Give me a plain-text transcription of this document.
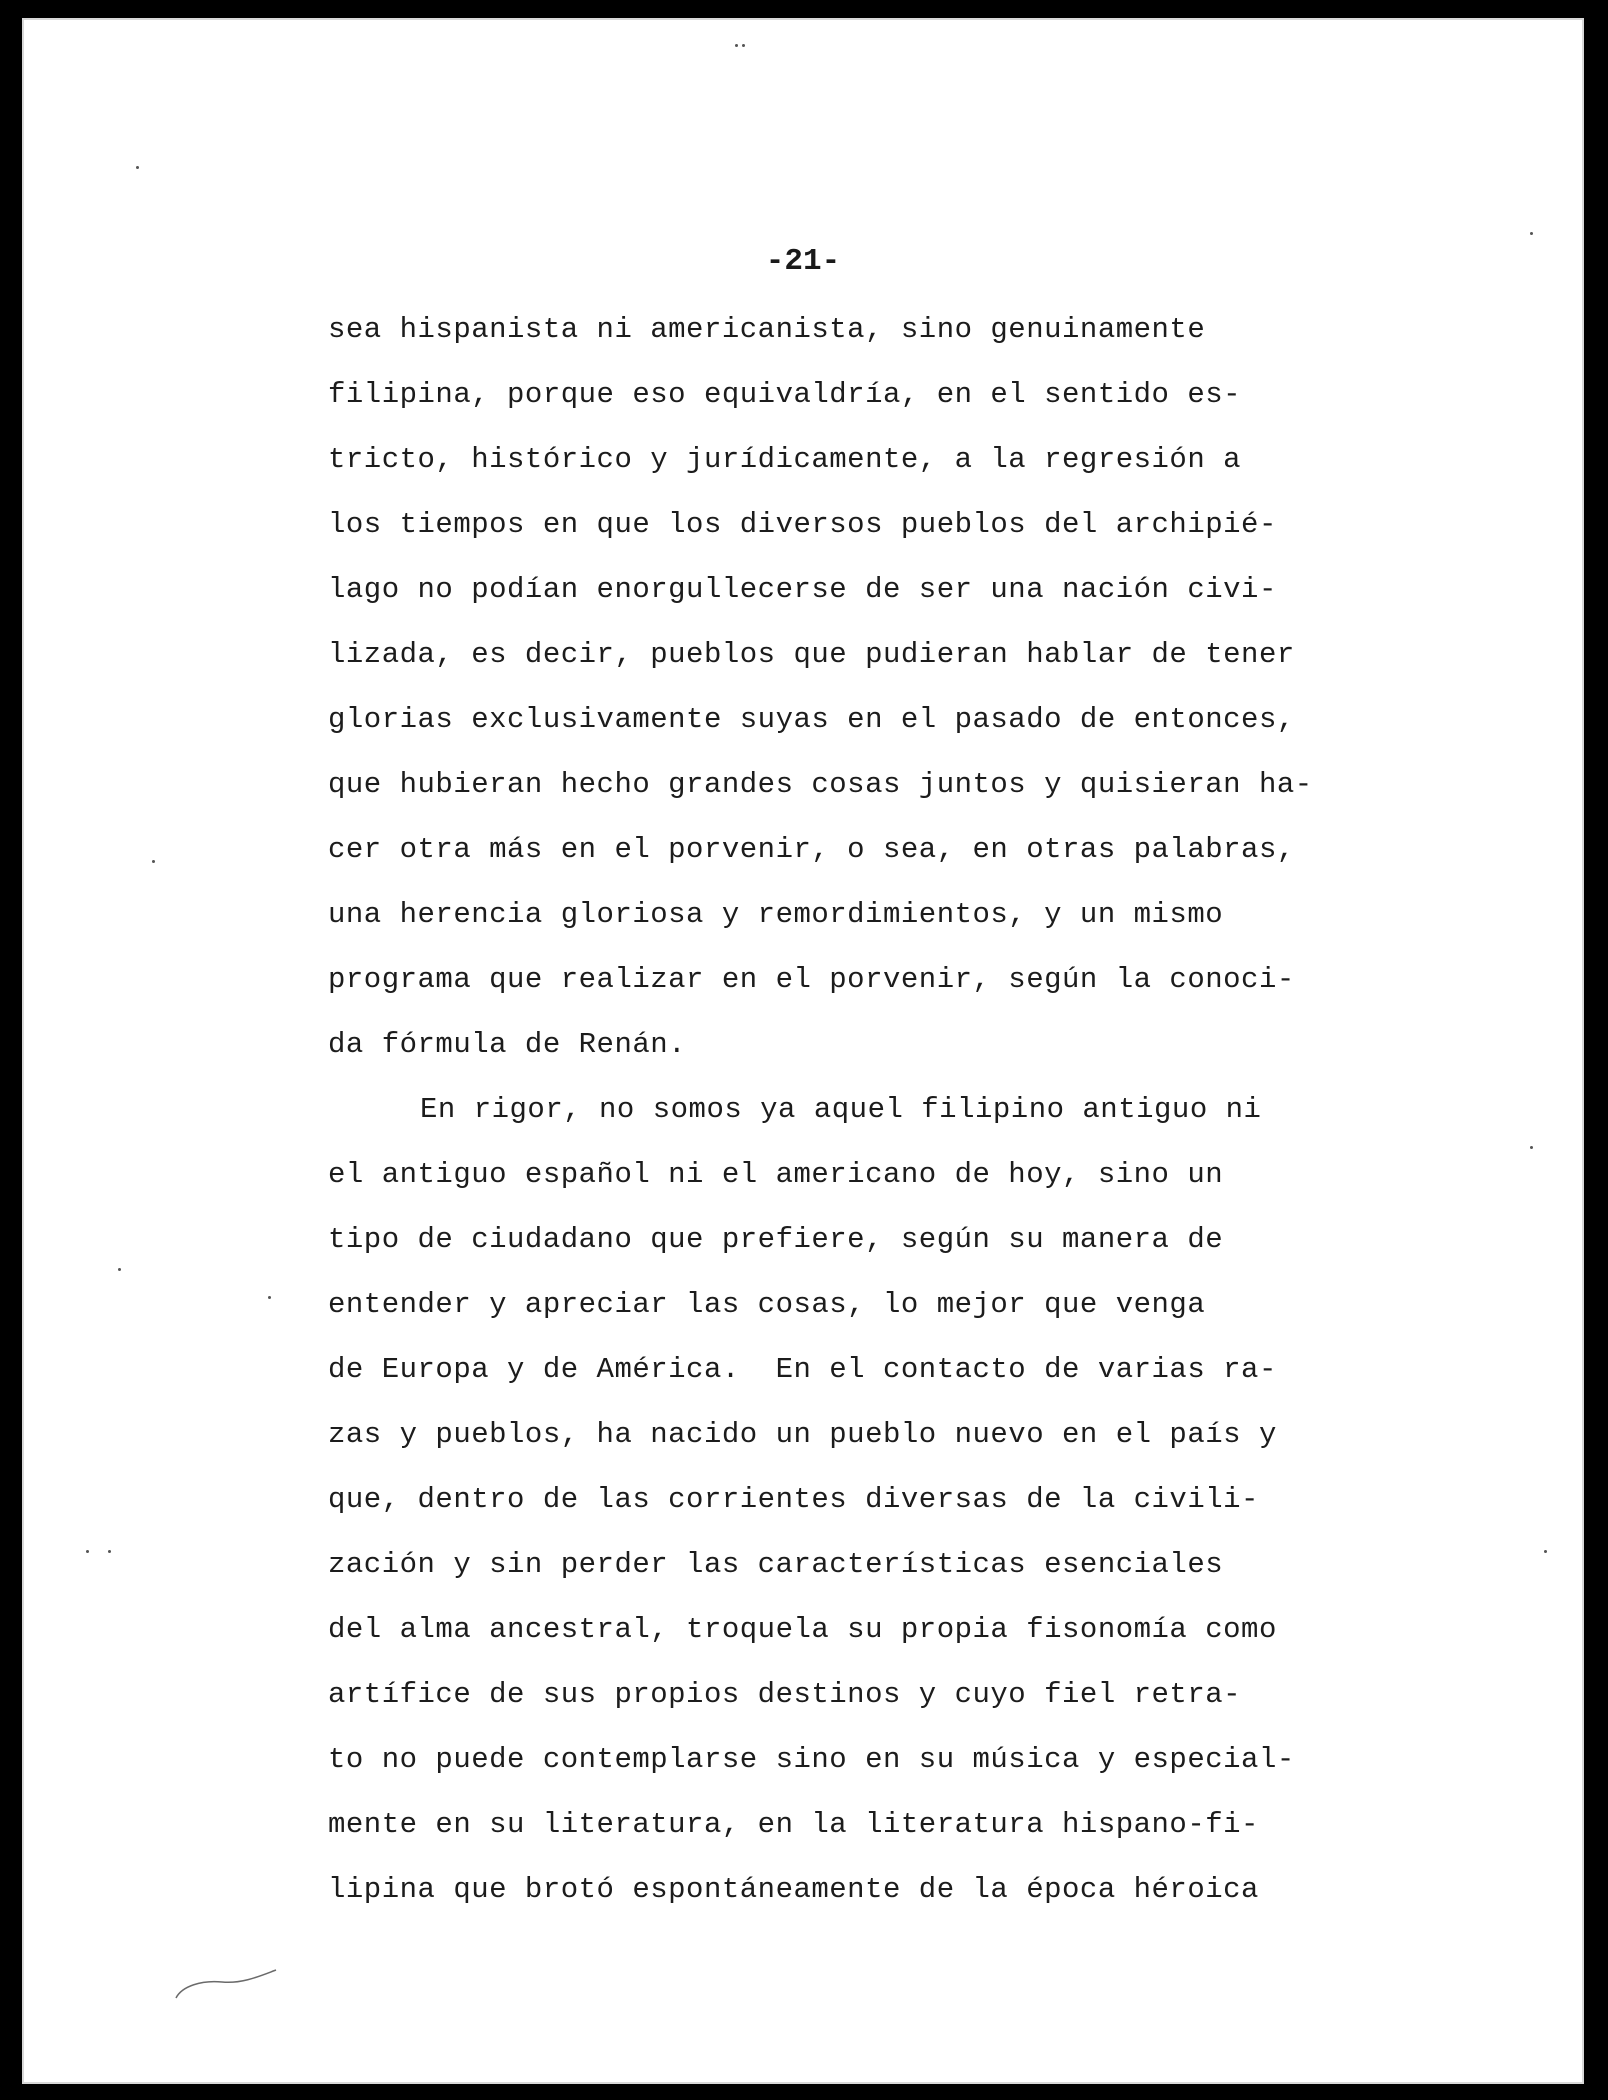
-21-
sea hispanista ni americanista, sino genuinamente
filipina, porque eso equivaldría, en el sentido es-
tricto, histórico y jurídicamente, a la regresión a
los tiempos en que los diversos pueblos del archipié-
lago no podían enorgullecerse de ser una nación civi-
lizada, es decir, pueblos que pudieran hablar de tener
glorias exclusivamente suyas en el pasado de entonces,
que hubieran hecho grandes cosas juntos y quisieran ha-
cer otra más en el porvenir, o sea, en otras palabras,
una herencia gloriosa y remordimientos, y un mismo
programa que realizar en el porvenir, según la conoci-
da fórmula de Renán.
En rigor, no somos ya aquel filipino antiguo ni
el antiguo español ni el americano de hoy, sino un
tipo de ciudadano que prefiere, según su manera de
entender y apreciar las cosas, lo mejor que venga
de Europa y de América.  En el contacto de varias ra-
zas y pueblos, ha nacido un pueblo nuevo en el país y
que, dentro de las corrientes diversas de la civili-
zación y sin perder las características esenciales
del alma ancestral, troquela su propia fisonomía como
artífice de sus propios destinos y cuyo fiel retra-
to no puede contemplarse sino en su música y especial-
mente en su literatura, en la literatura hispano-fi-
lipina que brotó espontáneamente de la época héroica
